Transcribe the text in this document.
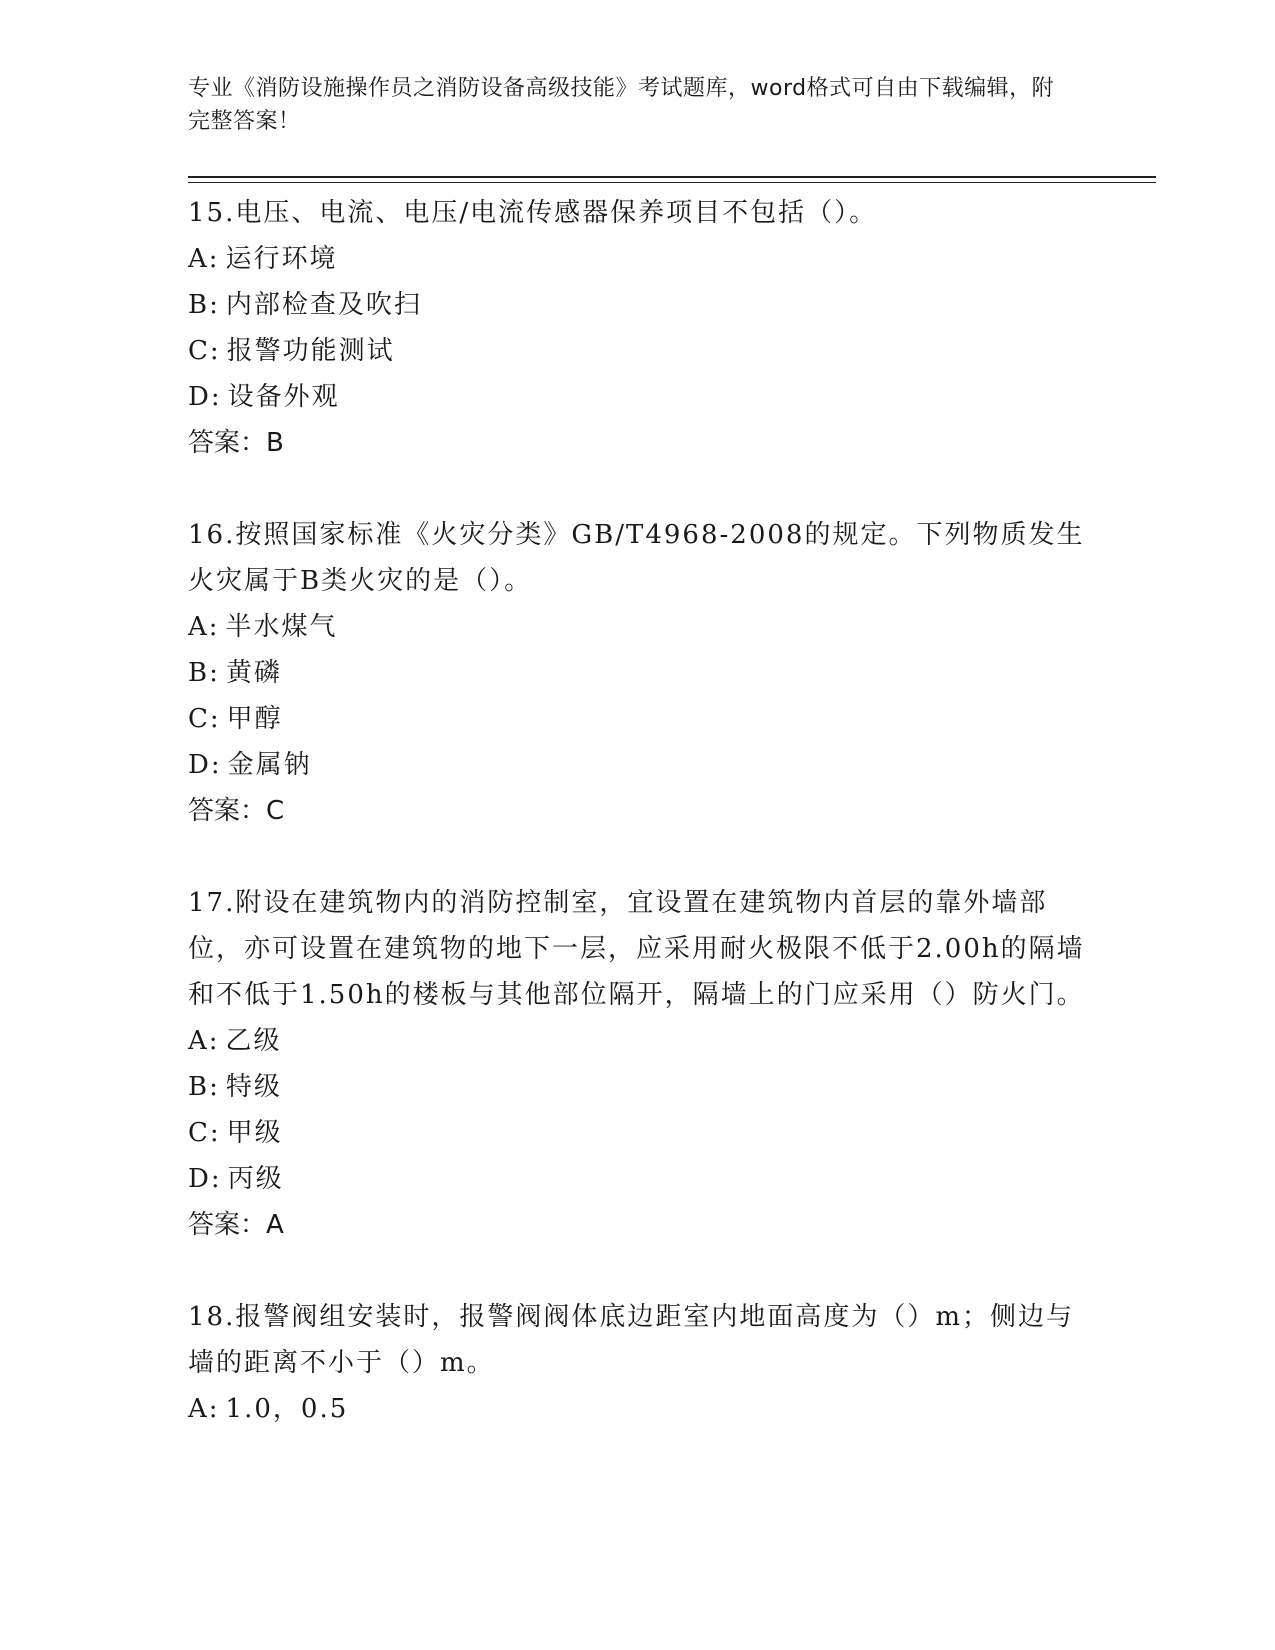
专业《消防设施操作员之消防设备高级技能》考试题库，word格式可自由下载编辑，附完整答案！

15.电压、电流、电压/电流传感器保养项目不包括（）。

A: 运行环境

B: 内部检查及吹扫

C: 报警功能测试

D: 设备外观

答案：B

16.按照国家标准《火灾分类》GB/T4968-2008的规定。下列物质发生火灾属于B类火灾的是（）。

A: 半水煤气

B: 黄磷

C: 甲醇

D: 金属钠

答案：C

17.附设在建筑物内的消防控制室，宜设置在建筑物内首层的靠外墙部位，亦可设置在建筑物的地下一层，应采用耐火极限不低于2.00h的隔墙和不低于1.50h的楼板与其他部位隔开，隔墙上的门应采用（）防火门。

A: 乙级

B: 特级

C: 甲级

D: 丙级

答案：A

18.报警阀组安装时，报警阀阀体底边距室内地面高度为（）m；侧边与墙的距离不小于（）m。

A: 1.0，0.5
